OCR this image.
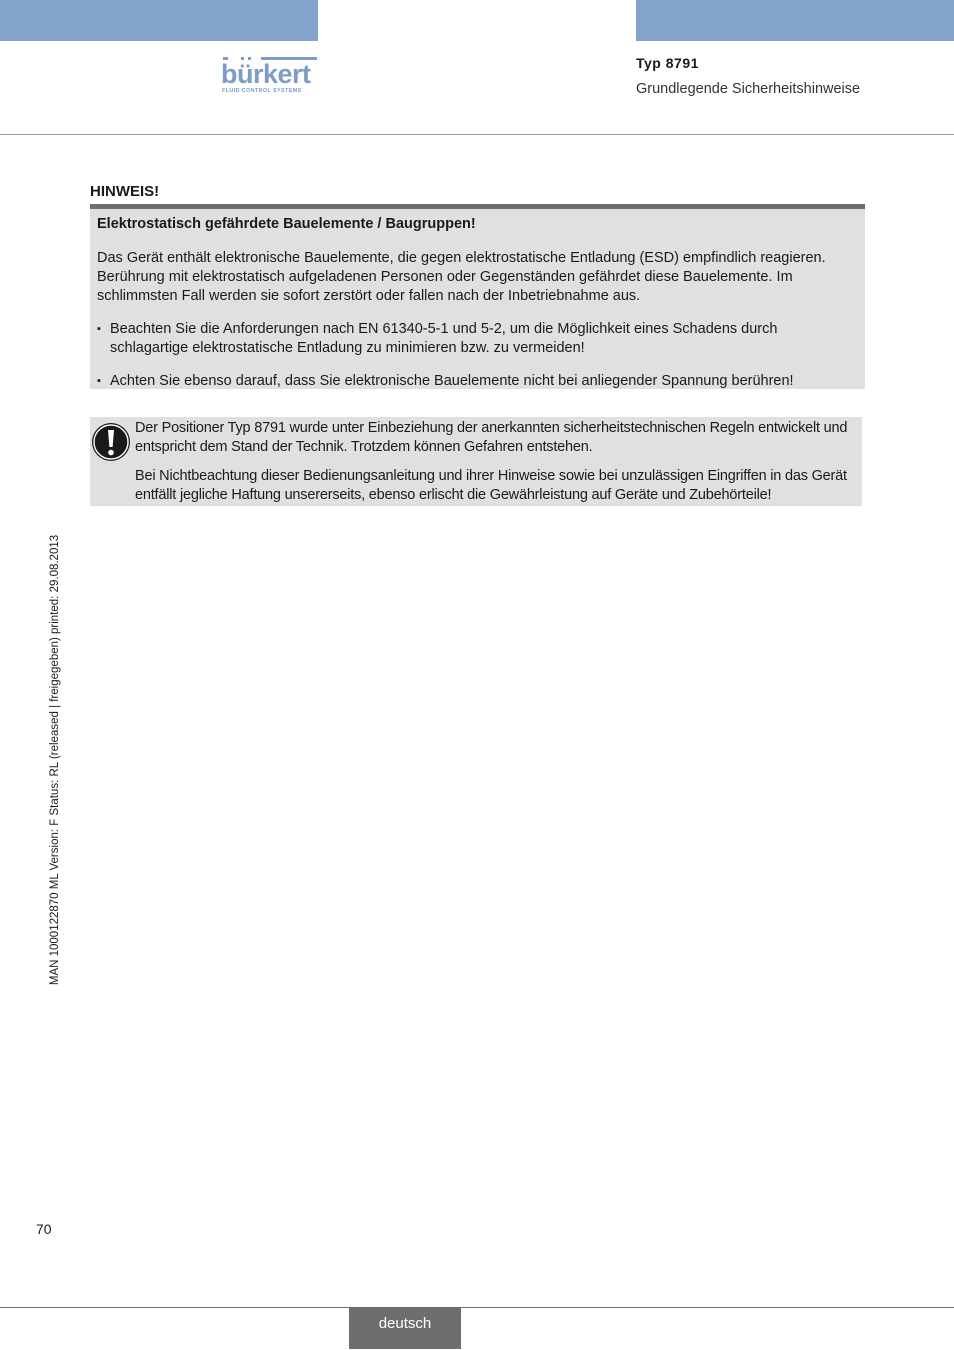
bürkert
FLUID CONTROL SYSTEMS
Typ 8791
Grundlegende Sicherheitshinweise
HINWEIS!
Elektrostatisch gefährdete Bauelemente / Baugruppen!
Das Gerät enthält elektronische Bauelemente, die gegen elektrostatische Entladung (ESD) empfindlich reagieren. Berührung mit elektrostatisch aufgeladenen Personen oder Gegenständen gefährdet diese Bauelemente. Im schlimmsten Fall werden sie sofort zerstört oder fallen nach der Inbetriebnahme aus.
▪ Beachten Sie die Anforderungen nach EN 61340-5-1 und 5-2, um die Möglichkeit eines Schadens durch schlagartige elektrostatische Entladung zu minimieren bzw. zu vermeiden!
▪ Achten Sie ebenso darauf, dass Sie elektronische Bauelemente nicht bei anliegender Spannung berühren!

Der Positioner Typ 8791 wurde unter Einbeziehung der anerkannten sicherheitstechnischen Regeln entwickelt und entspricht dem Stand der Technik. Trotzdem können Gefahren entstehen.

Bei Nichtbeachtung dieser Bedienungsanleitung und ihrer Hinweise sowie bei unzulässigen Eingriffen in das Gerät entfällt jegliche Haftung unsererseits, ebenso erlischt die Gewährleistung auf Geräte und Zubehörteile!

MAN 1000122870 ML Version: F Status: RL (released | freigegeben) printed: 29.08.2013
70
deutsch
